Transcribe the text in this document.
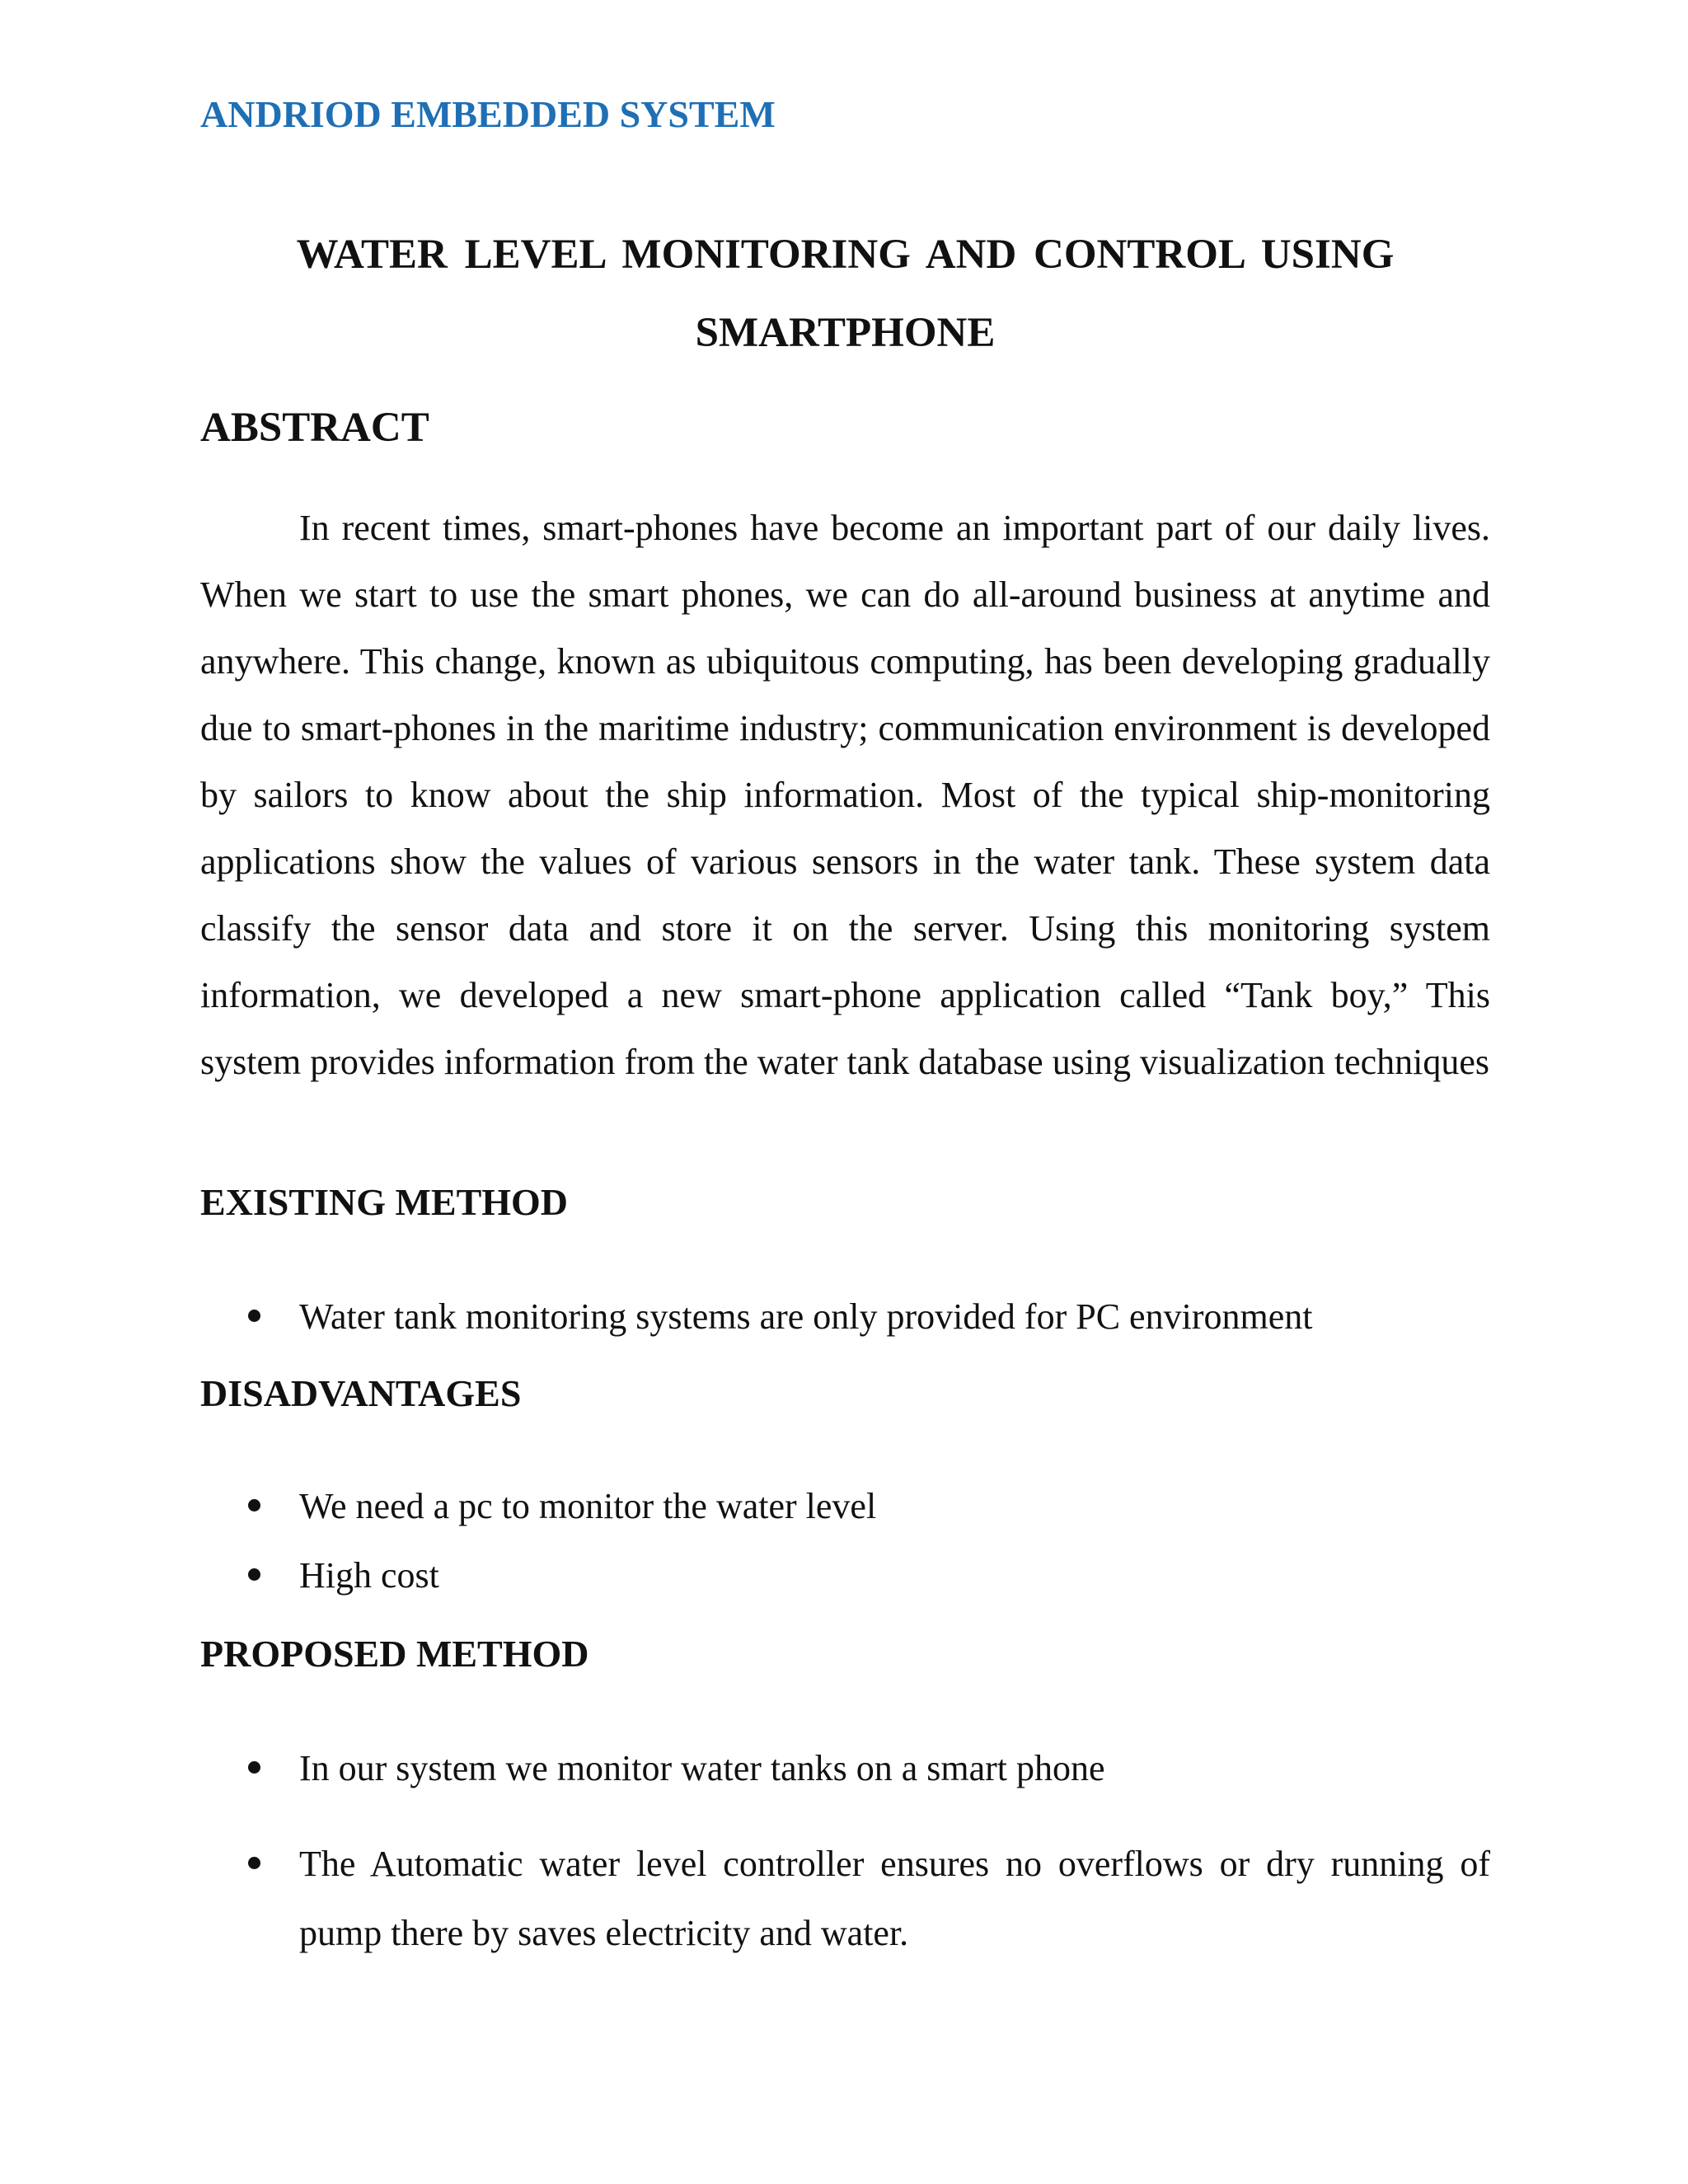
ANDRIOD EMBEDDED SYSTEM
WATER LEVEL MONITORING AND CONTROL USING SMARTPHONE
ABSTRACT

In recent times, smart-phones have become an important part of our daily lives. When we start to use the smart phones, we can do all-around business at anytime and anywhere. This change, known as ubiquitous computing, has been developing gradually due to smart-phones in the maritime industry; communication environment is developed by sailors to know about the ship information. Most of the typical ship-monitoring applications show the values of various sensors in the water tank. These system data classify the sensor data and store it on the server. Using this monitoring system information, we developed a new smart-phone application called “Tank boy,” This system provides information from the water tank database using visualization techniques

EXISTING METHOD
Water tank monitoring systems are only provided for PC environment
DISADVANTAGES
We need a pc to monitor the water level
High cost
PROPOSED METHOD
In our system we monitor water tanks on a smart phone
The Automatic water level controller ensures no overflows or dry running of pump there by saves electricity and water.
